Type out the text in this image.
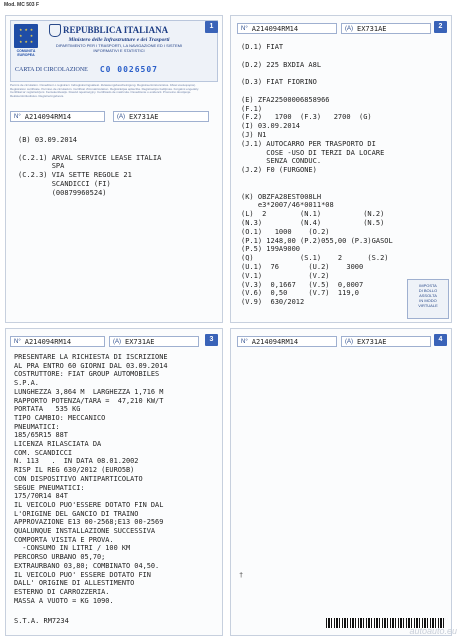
Mod. MC 503 F
★ ★ ★
★   ★
★ ★ ★
COMUNITÀ EUROPEA
REPUBBLICA ITALIANA
Ministero delle Infrastrutture e dei Trasporti
DIPARTIMENTO PER I TRASPORTI, LA NAVIGAZIONE ED I SISTEMI INFORMATIVI E STATISTICI
CARTA DI CIRCOLAZIONE C0 0026507
Permis de circulation. Osvedčení o registraci. Indregistreringsattest. Zulassungsbescheinigung. Registreerimistunnistus. Άδεια κυκλοφορίας. Registration certificate. Permiso de circulación. Certificat d'immatriculation. Reģistrācijas apliecība. Registracijos liudijimas. Forgalmi engedély. Certifikat ta' reģistrazzjoni. Kentekenbewijs. Dowód rejestracyjny. Certificado de matrícula. Osvedčenie o evidencii. Prometno dovoljenje. Rekisteröintitodistus. Registreringsbevis.
1
N° A214094RM14	(A) EX731AE
(B) 03.09.2014

(C.2.1) ARVAL SERVICE LEASE ITALIA
SPA
(C.2.3) VIA SETTE REGOLE 21
SCANDICCI (FI)
(00879960524)
2
N° A214094RM14	(A) EX731AE
(D.1) FIAT

(D.2) 225 BXDIA A8L

(D.3) FIAT FIORINO

(E) ZFA22500006858966
(F.1)
(F.2)   1700  (F.3)   2700  (G)
(I) 03.09.2014
(J) N1
(J.1) AUTOCARRO PER TRASPORTO DI
COSE -USO DI TERZI DA LOCARE
SENZA CONDUC.
(J.2) F0 (FURGONE)

(K) OBZFA28EST008LH
e3*2007/46*0011*08
(L)  2        (N.1)          (N.2)
(N.3)         (N.4)          (N.5)
(O.1)   1000    (O.2)
(P.1) 1248,00 (P.2)055,00 (P.3)GASOL
(P.5) 199A9000
(Q)           (S.1)    2      (S.2)
(U.1)  76       (U.2)    3000
(V.1)           (V.2)
(V.3)  0,1667   (V.5)  0,0007
(V.6)  0,50     (V.7)  119,0
(V.9)  630/2012
IMPOSTA
DI BOLLO
ASSOLTA
IN MODO
VIRTUALE
3
N° A214094RM14	(A) EX731AE
PRESENTARE LA RICHIESTA DI ISCRIZIONE
AL PRA ENTRO 60 GIORNI DAL 03.09.2014
COSTRUTTORE: FIAT GROUP AUTOMOBILES
S.P.A.
LUNGHEZZA 3,864 M  LARGHEZZA 1,716 M
RAPPORTO POTENZA/TARA =  47,210 KW/T
PORTATA   535 KG
TIPO CAMBIO: MECCANICO
PNEUMATICI:
185/65R15 88T
LICENZA RILASCIATA DA
COM. SCANDICCI
N. 113   .  IN DATA 08.01.2002
RISP IL REG 630/2012 (EURO5B)
CON DISPOSITIVO ANTIPARTICOLATO
SEGUE PNEUMATICI:
175/70R14 84T
IL VEICOLO PUO'ESSERE DOTATO FIN DAL
L'ORIGINE DEL GANCIO DI TRAINO
APPROVAZIONE E13 00-2568;E13 00-2569
QUALUNQUE INSTALLAZIONE SUCCESSIVA
COMPORTA VISITA E PROVA.
-CONSUMO IN LITRI / 100 KM
PERCORSO URBANO 05,70;
EXTRAURBANO 03,80; COMBINATO 04,50.
IL VEICOLO PUO' ESSERE DOTATO FIN
DALL' ORIGINE DI ALLESTIMENTO
ESTERNO DI CARROZZERIA.
MASSA A VUOTO = KG 1090.
S.T.A. RM7234
4
N° A214094RM14	(A) EX731AE
†
autoauto.eu
